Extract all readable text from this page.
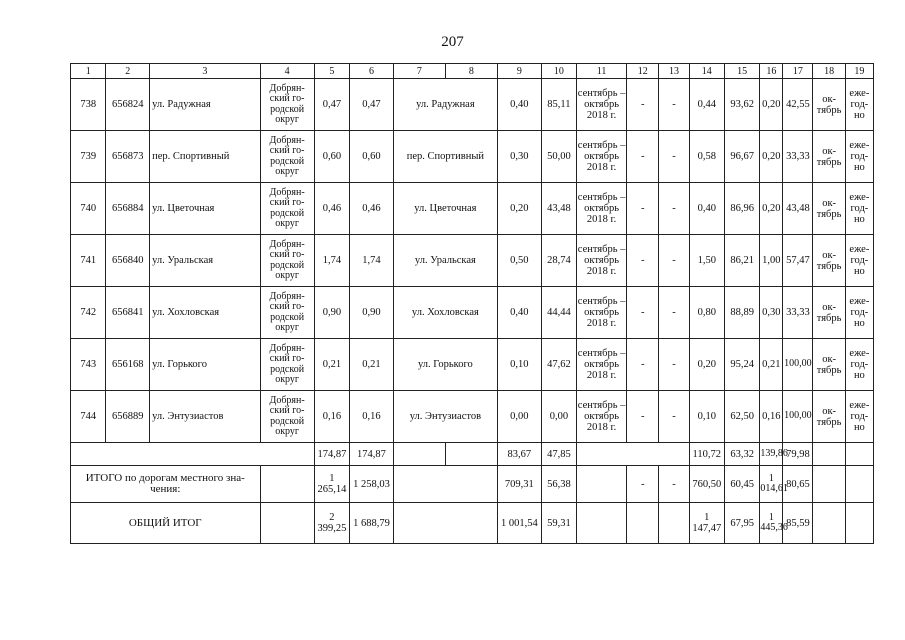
207
1	2	3	4	5	6	7	8	9	10	11	12	13	14	15	16	17	18	19
738	656824	ул. Радужная	Добрян-ский го-родской округ	0,47	0,47	ул. Радужная		0,40	85,11	сентябрь – октябрь 2018 г.	-	-	0,44	93,62	0,20	42,55	ок-тябрь	еже-год-но
739	656873	пер. Спортивный	Добрян-ский го-родской округ	0,60	0,60	пер. Спортивный		0,30	50,00	сентябрь – октябрь 2018 г.	-	-	0,58	96,67	0,20	33,33	ок-тябрь	еже-год-но
740	656884	ул. Цветочная	Добрян-ский го-родской округ	0,46	0,46	ул. Цветочная		0,20	43,48	сентябрь – октябрь 2018 г.	-	-	0,40	86,96	0,20	43,48	ок-тябрь	еже-год-но
741	656840	ул. Уральская	Добрян-ский го-родской округ	1,74	1,74	ул. Уральская		0,50	28,74	сентябрь – октябрь 2018 г.	-	-	1,50	86,21	1,00	57,47	ок-тябрь	еже-год-но
742	656841	ул. Хохловская	Добрян-ский го-родской округ	0,90	0,90	ул. Хохловская		0,40	44,44	сентябрь – октябрь 2018 г.	-	-	0,80	88,89	0,30	33,33	ок-тябрь	еже-год-но
743	656168	ул. Горького	Добрян-ский го-родской округ	0,21	0,21	ул. Горького		0,10	47,62	сентябрь – октябрь 2018 г.	-	-	0,20	95,24	0,21	100,00	ок-тябрь	еже-год-но
744	656889	ул. Энтузиастов	Добрян-ский го-родской округ	0,16	0,16	ул. Энтузиастов		0,00	0,00	сентябрь – октябрь 2018 г.	-	-	0,10	62,50	0,16	100,00	ок-тябрь	еже-год-но
				174,87	174,87			83,67	47,85				110,72	63,32	139,86	79,98		
ИТОГО по дорогам местного зна-чения:				1 265,14	1 258,03			709,31	56,38		-	-	760,50	60,45	1 014,61	80,65		
ОБЩИЙ ИТОГ				2 399,25	1 688,79			1 001,54	59,31				1 147,47	67,95	1 445,36	85,59		
